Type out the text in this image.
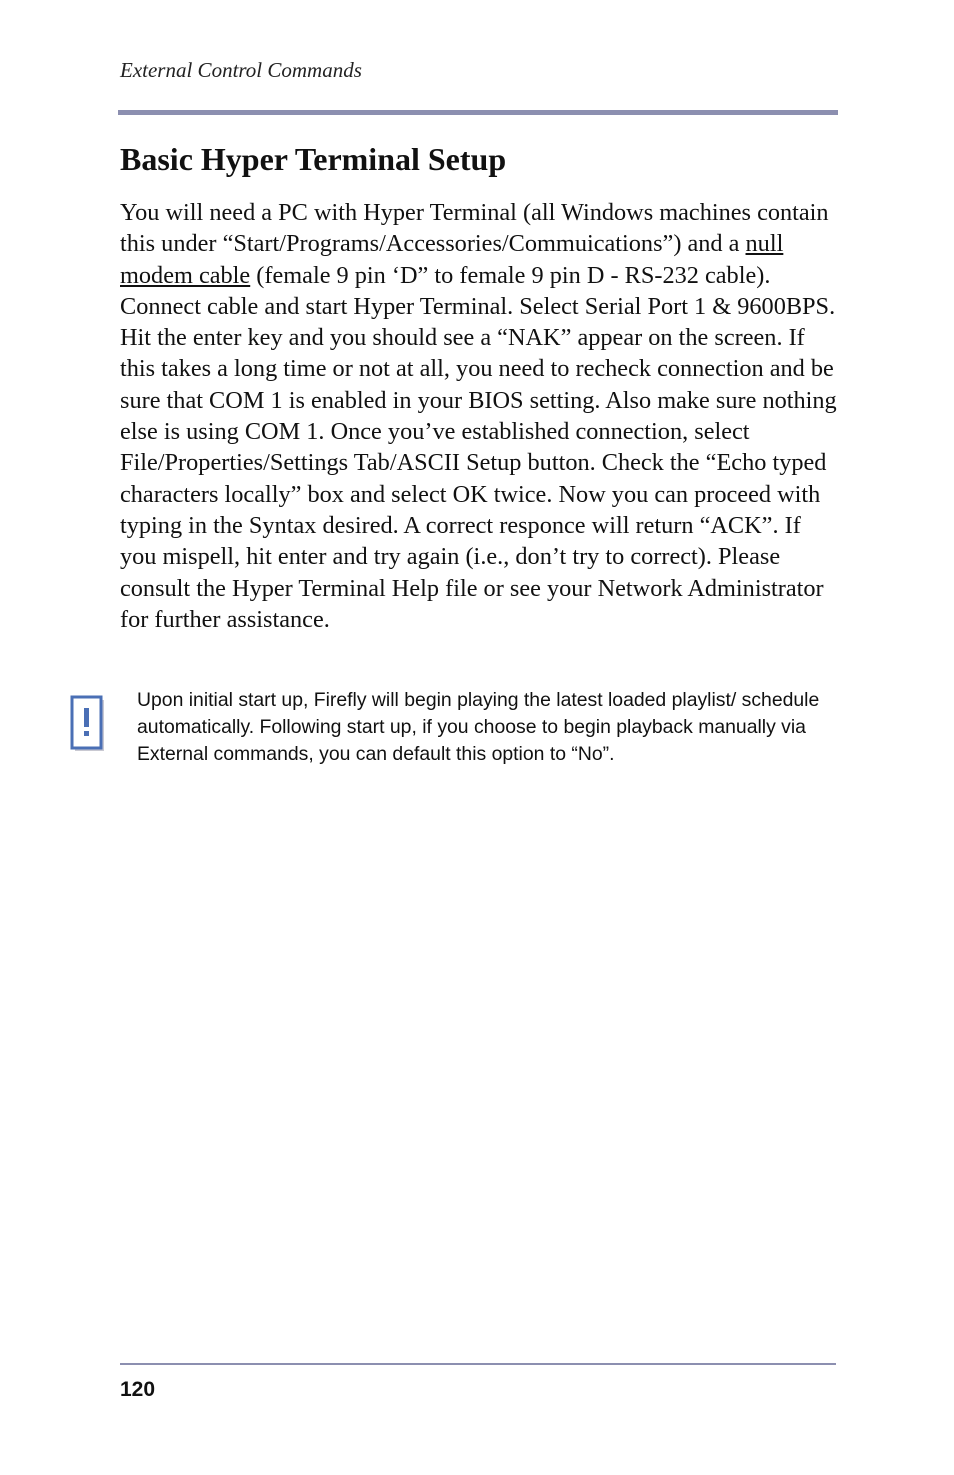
External Control Commands
Basic Hyper Terminal Setup

You will need a PC with Hyper Terminal (all Windows machines contain this under “Start/Programs/Accessories/Commuications”) and a null modem cable (female 9 pin ‘D” to female 9 pin D - RS-232 cable). Connect cable and start Hyper Terminal. Select Serial Port 1 & 9600BPS. Hit the enter key and you should see a “NAK” appear on the screen. If this takes a long time or not at all, you need to recheck connection and be sure that COM 1 is enabled in your BIOS setting. Also make sure nothing else is using COM 1. Once you’ve established connection, select File/Properties/Settings Tab/ASCII Setup button. Check the “Echo typed characters locally” box and select OK twice. Now you can proceed with typing in the Syntax desired. A correct responce will return “ACK”. If you mispell, hit enter and try again (i.e., don’t try to correct). Please consult the Hyper Terminal Help file or see your Network Administrator for further assistance.

Upon initial start up, Firefly will begin playing the latest loaded playlist/ schedule automatically. Following start up, if you choose to begin playback manually via External commands, you can default this option to “No”.

120
